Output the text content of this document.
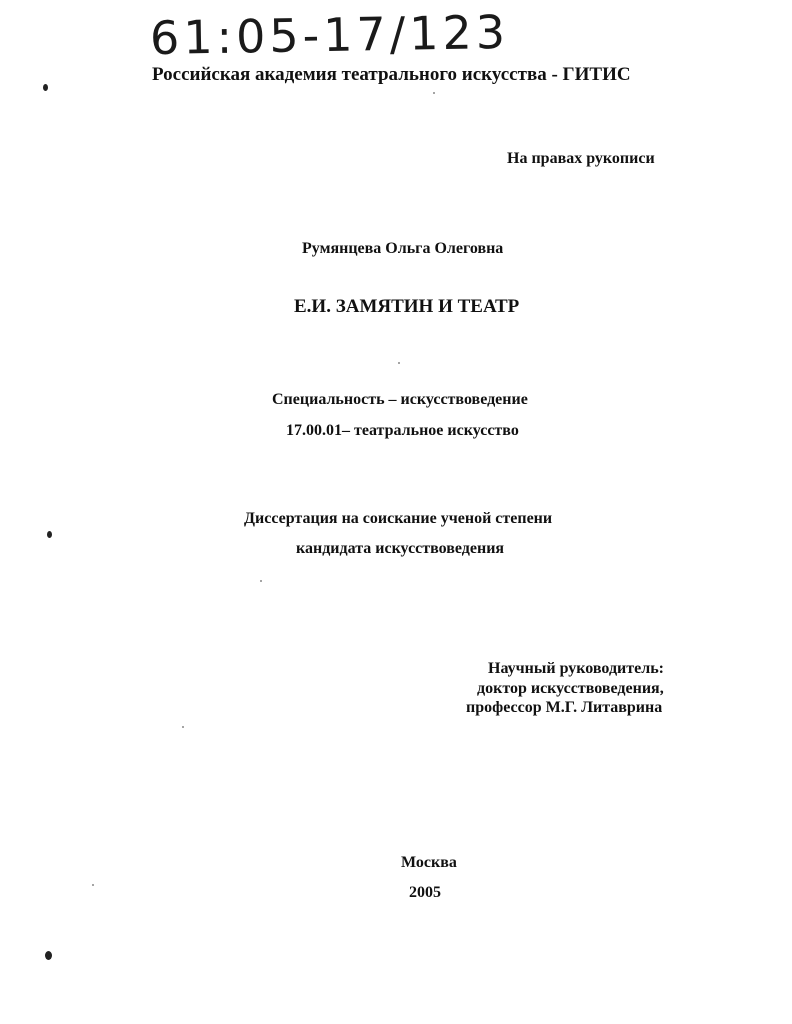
61:05-17/123
Российская академия театрального искусства - ГИТИС
На правах рукописи
Румянцева Ольга Олеговна
Е.И. ЗАМЯТИН И ТЕАТР
Специальность – искусствоведение
17.00.01– театральное искусство
Диссертация на соискание ученой степени
кандидата искусствоведения
Научный руководитель:
доктор искусствоведения,
профессор М.Г. Литаврина
Москва
2005
